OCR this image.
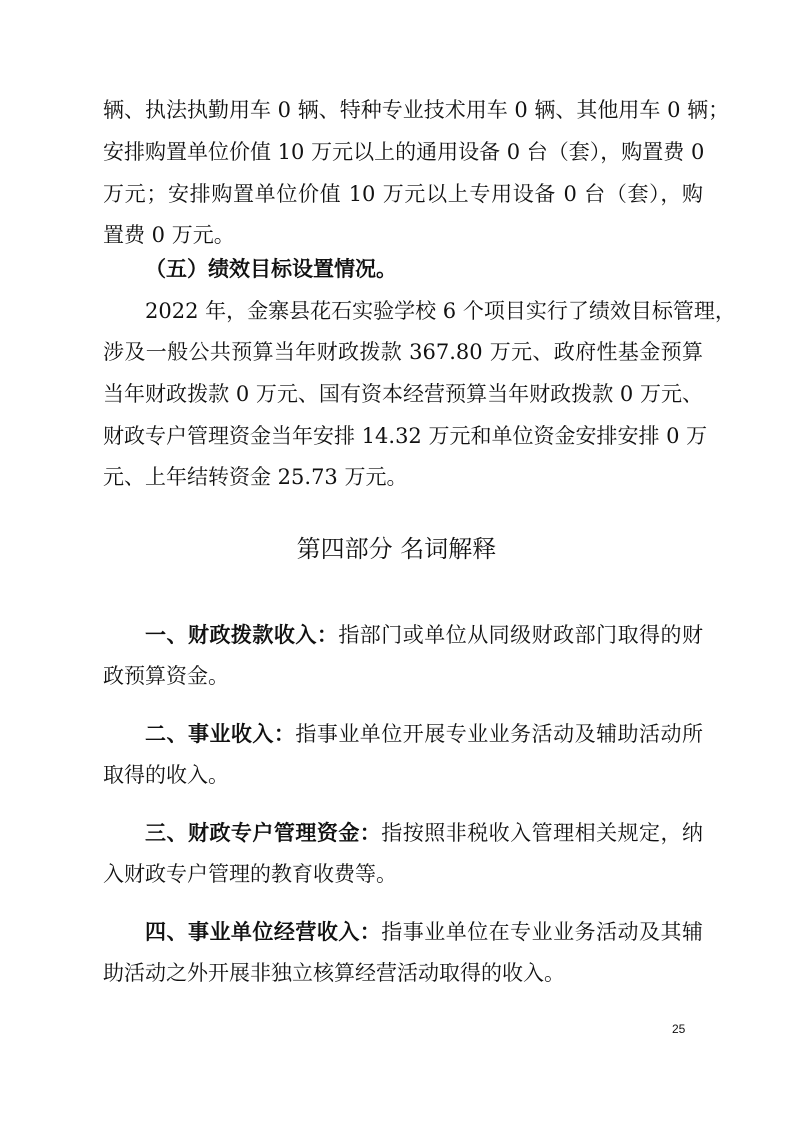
辆、执法执勤用车 0 辆、特种专业技术用车 0 辆、其他用车 0 辆；
安排购置单位价值 10 万元以上的通用设备 0 台（套），购置费 0
万元；安排购置单位价值 10 万元以上专用设备 0 台（套），购
置费 0 万元。
（五）绩效目标设置情况。
2022 年，金寨县花石实验学校 6 个项目实行了绩效目标管理，
涉及一般公共预算当年财政拨款 367.80 万元、政府性基金预算
当年财政拨款 0 万元、国有资本经营预算当年财政拨款 0 万元、
财政专户管理资金当年安排 14.32 万元和单位资金安排安排 0 万
元、上年结转资金 25.73 万元。
第四部分 名词解释
一、财政拨款收入：指部门或单位从同级财政部门取得的财
政预算资金。
二、事业收入：指事业单位开展专业业务活动及辅助活动所
取得的收入。
三、财政专户管理资金：指按照非税收入管理相关规定，纳
入财政专户管理的教育收费等。
四、事业单位经营收入：指事业单位在专业业务活动及其辅
助活动之外开展非独立核算经营活动取得的收入。
25
